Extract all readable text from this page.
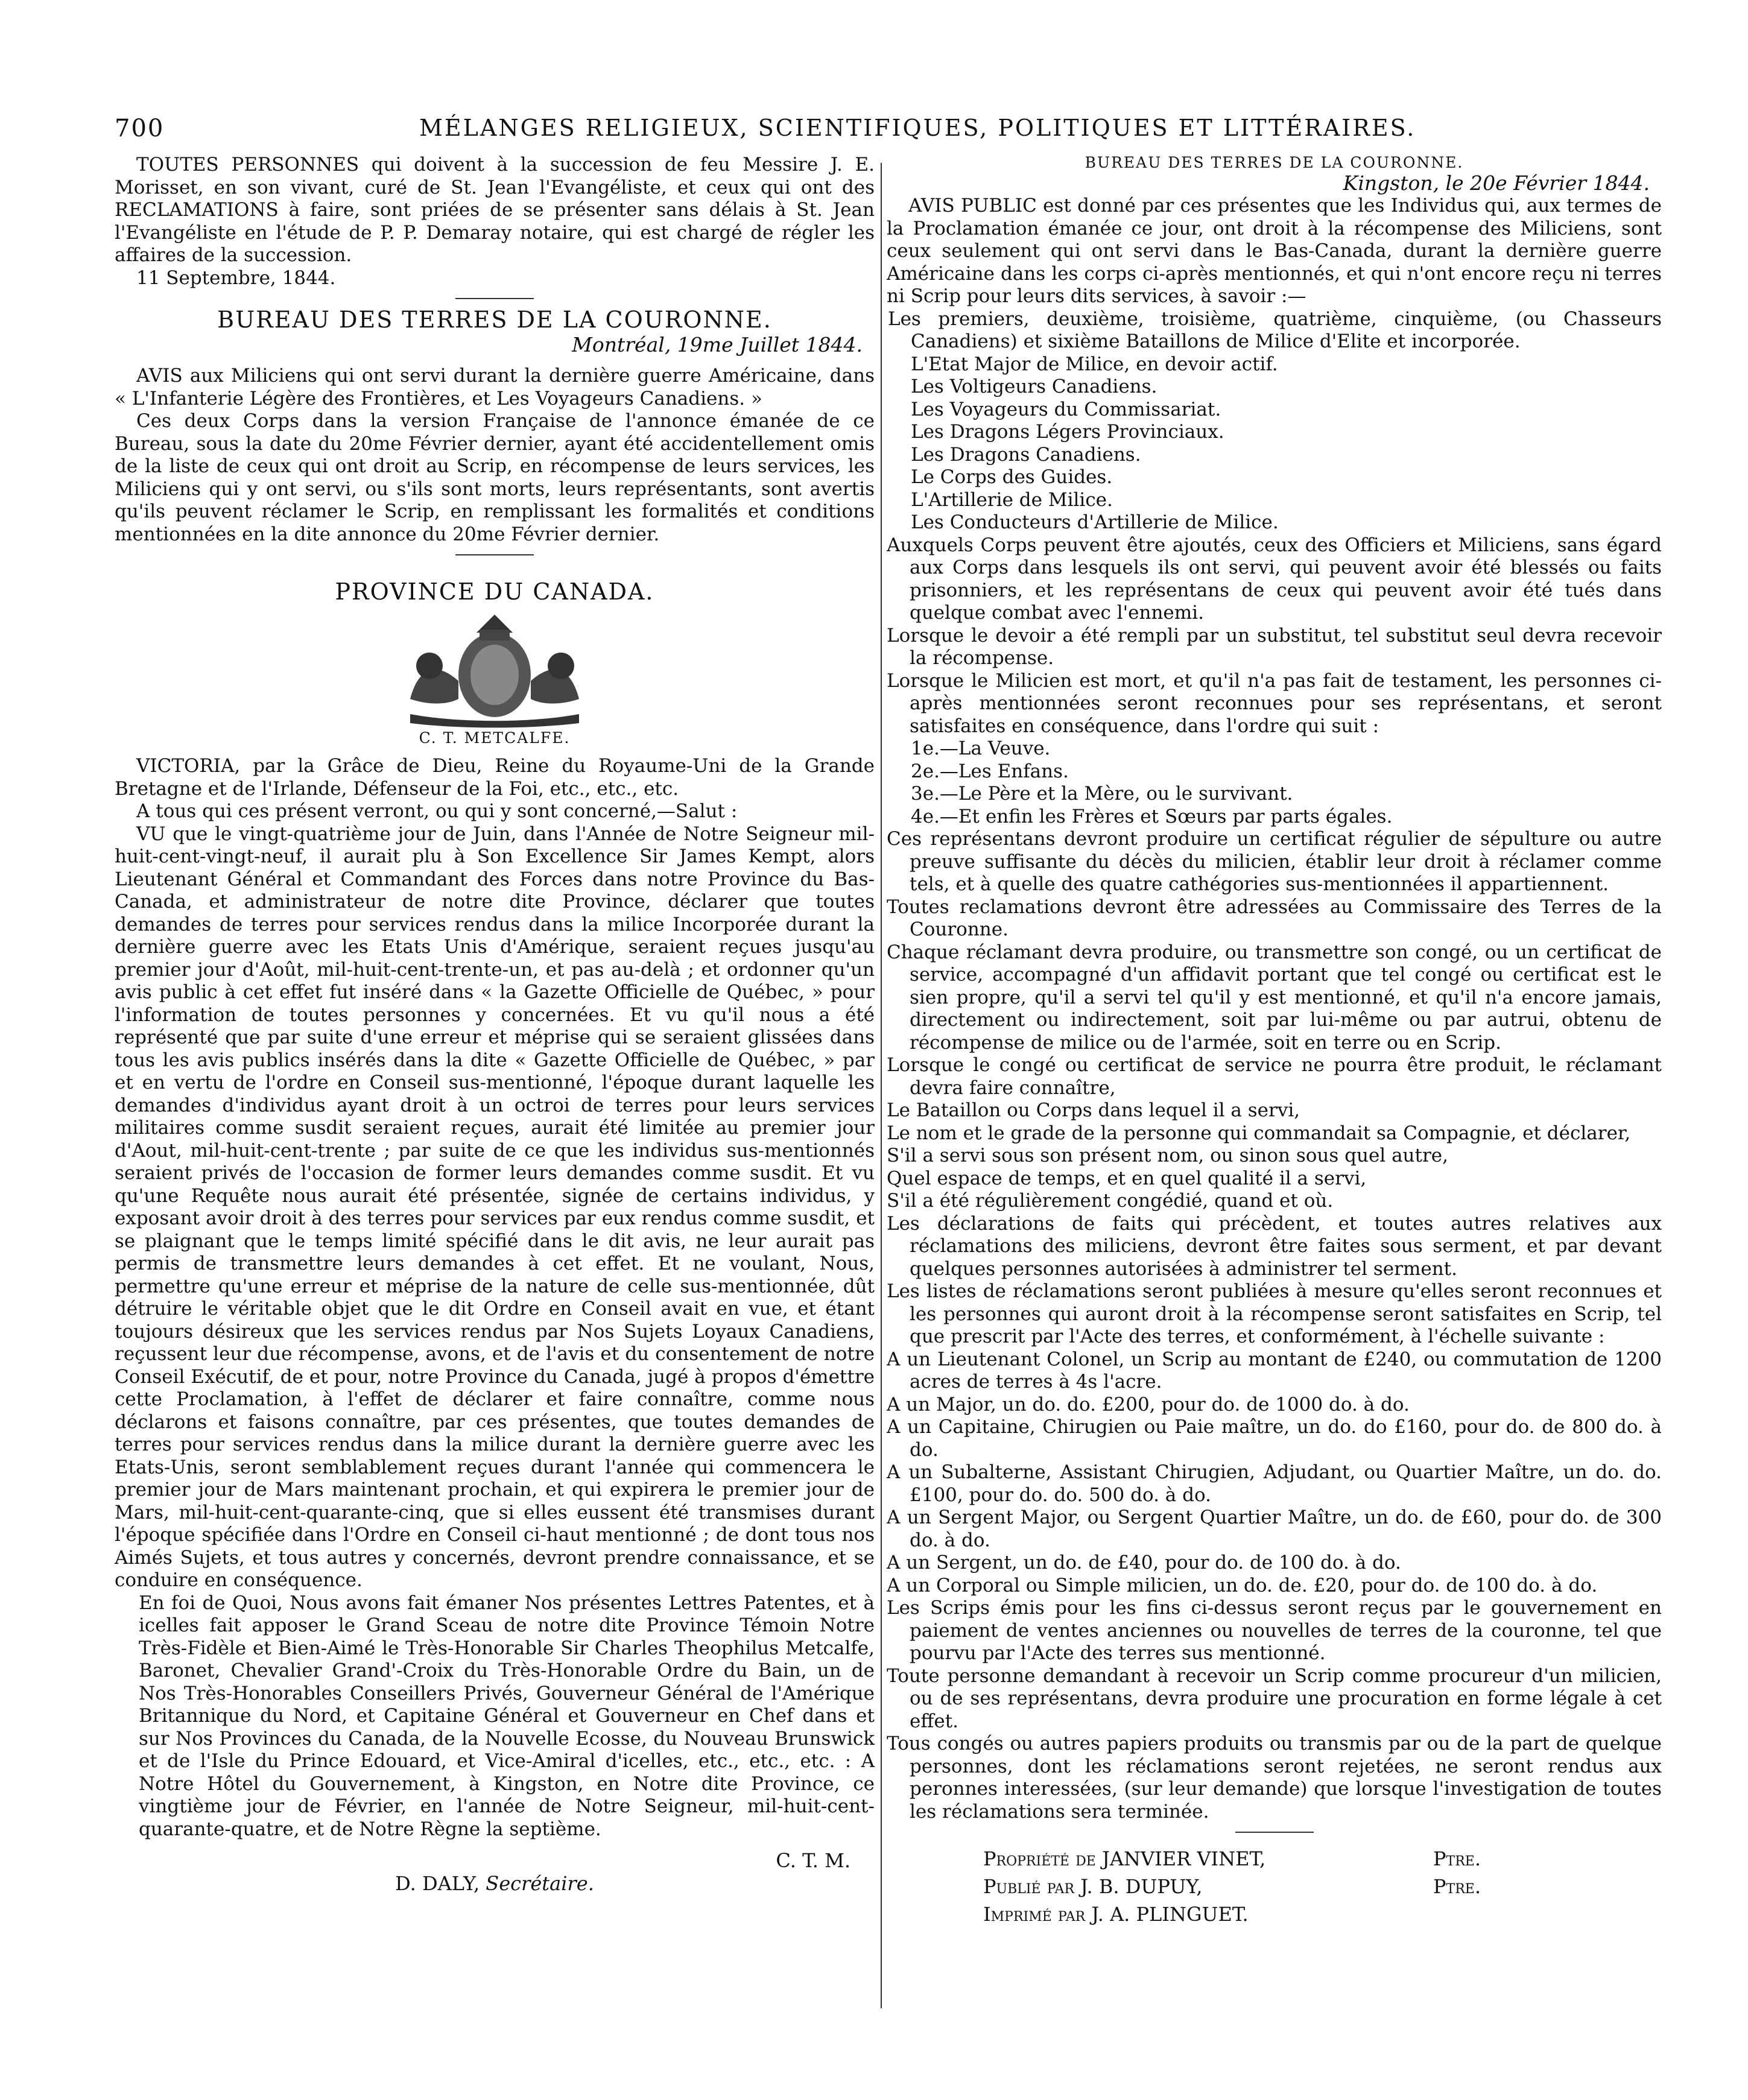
700	MÉLANGES RELIGIEUX, SCIENTIFIQUES, POLITIQUES ET LITTÉRAIRES.

TOUTES PERSONNES qui doivent à la succession de feu Messire J. E. Morisset, en son vivant, curé de St. Jean l'Evangéliste, et ceux qui ont des RECLAMATIONS à faire, sont priées de se présenter sans délais à St. Jean l'Evangéliste en l'étude de P. P. Demaray notaire, qui est chargé de régler les affaires de la succession.

11 Septembre, 1844.

BUREAU DES TERRES DE LA COURONNE.

Montréal, 19me Juillet 1844.

AVIS aux Miliciens qui ont servi durant la dernière guerre Américaine, dans « L'Infanterie Légère des Frontières, et Les Voyageurs Canadiens. »

Ces deux Corps dans la version Française de l'annonce émanée de ce Bureau, sous la date du 20me Février dernier, ayant été accidentellement omis de la liste de ceux qui ont droit au Scrip, en récompense de leurs services, les Miliciens qui y ont servi, ou s'ils sont morts, leurs représentants, sont avertis qu'ils peuvent réclamer le Scrip, en remplissant les formalités et conditions mentionnées en la dite annonce du 20me Février dernier.

PROVINCE DU CANADA.

C. T. METCALFE.

VICTORIA, par la Grâce de Dieu, Reine du Royaume-Uni de la Grande Bretagne et de l'Irlande, Défenseur de la Foi, etc., etc., etc.

A tous qui ces présent verront, ou qui y sont concerné,—Salut :

VU que le vingt-quatrième jour de Juin, dans l'Année de Notre Seigneur mil-huit-cent-vingt-neuf, il aurait plu à Son Excellence Sir James Kempt, alors Lieutenant Général et Commandant des Forces dans notre Province du Bas-Canada, et administrateur de notre dite Province, déclarer que toutes demandes de terres pour services rendus dans la milice Incorporée durant la dernière guerre avec les Etats Unis d'Amérique, seraient reçues jusqu'au premier jour d'Août, mil-huit-cent-trente-un, et pas au-delà ; et ordonner qu'un avis public à cet effet fut inséré dans « la Gazette Officielle de Québec, » pour l'information de toutes personnes y concernées. Et vu qu'il nous a été représenté que par suite d'une erreur et méprise qui se seraient glissées dans tous les avis publics insérés dans la dite « Gazette Officielle de Québec, » par et en vertu de l'ordre en Conseil sus-mentionné, l'époque durant laquelle les demandes d'individus ayant droit à un octroi de terres pour leurs services militaires comme susdit seraient reçues, aurait été limitée au premier jour d'Aout, mil-huit-cent-trente ; par suite de ce que les individus sus-mentionnés seraient privés de l'occasion de former leurs demandes comme susdit. Et vu qu'une Requête nous aurait été présentée, signée de certains individus, y exposant avoir droit à des terres pour services par eux rendus comme susdit, et se plaignant que le temps limité spécifié dans le dit avis, ne leur aurait pas permis de transmettre leurs demandes à cet effet. Et ne voulant, Nous, permettre qu'une erreur et méprise de la nature de celle sus-mentionnée, dût détruire le véritable objet que le dit Ordre en Conseil avait en vue, et étant toujours désireux que les services rendus par Nos Sujets Loyaux Canadiens, reçussent leur due récompense, avons, et de l'avis et du consentement de notre Conseil Exécutif, de et pour, notre Province du Canada, jugé à propos d'émettre cette Proclamation, à l'effet de déclarer et faire connaître, comme nous déclarons et faisons connaître, par ces présentes, que toutes demandes de terres pour services rendus dans la milice durant la dernière guerre avec les Etats-Unis, seront semblablement reçues durant l'année qui commencera le premier jour de Mars maintenant prochain, et qui expirera le premier jour de Mars, mil-huit-cent-quarante-cinq, que si elles eussent été transmises durant l'époque spécifiée dans l'Ordre en Conseil ci-haut mentionné ; de dont tous nos Aimés Sujets, et tous autres y concernés, devront prendre connaissance, et se conduire en conséquence.

En foi de Quoi, Nous avons fait émaner Nos présentes Lettres Patentes, et à icelles fait apposer le Grand Sceau de notre dite Province Témoin Notre Très-Fidèle et Bien-Aimé le Très-Honorable Sir Charles Theophilus Metcalfe, Baronet, Chevalier Grand'-Croix du Très-Honorable Ordre du Bain, un de Nos Très-Honorables Conseillers Privés, Gouverneur Général de l'Amérique Britannique du Nord, et Capitaine Général et Gouverneur en Chef dans et sur Nos Provinces du Canada, de la Nouvelle Ecosse, du Nouveau Brunswick et de l'Isle du Prince Edouard, et Vice-Amiral d'icelles, etc., etc., etc. : A Notre Hôtel du Gouvernement, à Kingston, en Notre dite Province, ce vingtième jour de Février, en l'année de Notre Seigneur, mil-huit-cent-quarante-quatre, et de Notre Règne la septième.

C. T. M.

D. DALY, Secrétaire.

BUREAU DES TERRES DE LA COURONNE.

Kingston, le 20e Février 1844.

AVIS PUBLIC est donné par ces présentes que les Individus qui, aux termes de la Proclamation émanée ce jour, ont droit à la récompense des Miliciens, sont ceux seulement qui ont servi dans le Bas-Canada, durant la dernière guerre Américaine dans les corps ci-après mentionnés, et qui n'ont encore reçu ni terres ni Scrip pour leurs dits services, à savoir :—

Les premiers, deuxième, troisième, quatrième, cinquième, (ou Chasseurs Canadiens) et sixième Bataillons de Milice d'Elite et incorporée.

L'Etat Major de Milice, en devoir actif.

Les Voltigeurs Canadiens.

Les Voyageurs du Commissariat.

Les Dragons Légers Provinciaux.

Les Dragons Canadiens.

Le Corps des Guides.

L'Artillerie de Milice.

Les Conducteurs d'Artillerie de Milice.

Auxquels Corps peuvent être ajoutés, ceux des Officiers et Miliciens, sans égard aux Corps dans lesquels ils ont servi, qui peuvent avoir été blessés ou faits prisonniers, et les représentans de ceux qui peuvent avoir été tués dans quelque combat avec l'ennemi.

Lorsque le devoir a été rempli par un substitut, tel substitut seul devra recevoir la récompense.

Lorsque le Milicien est mort, et qu'il n'a pas fait de testament, les personnes ci-après mentionnées seront reconnues pour ses représentans, et seront satisfaites en conséquence, dans l'ordre qui suit :

1e.—La Veuve.

2e.—Les Enfans.

3e.—Le Père et la Mère, ou le survivant.

4e.—Et enfin les Frères et Sœurs par parts égales.

Ces représentans devront produire un certificat régulier de sépulture ou autre preuve suffisante du décès du milicien, établir leur droit à réclamer comme tels, et à quelle des quatre cathégories sus-mentionnées il appartiennent.

Toutes reclamations devront être adressées au Commissaire des Terres de la Couronne.

Chaque réclamant devra produire, ou transmettre son congé, ou un certificat de service, accompagné d'un affidavit portant que tel congé ou certificat est le sien propre, qu'il a servi tel qu'il y est mentionné, et qu'il n'a encore jamais, directement ou indirectement, soit par lui-même ou par autrui, obtenu de récompense de milice ou de l'armée, soit en terre ou en Scrip.

Lorsque le congé ou certificat de service ne pourra être produit, le réclamant devra faire connaître,

Le Bataillon ou Corps dans lequel il a servi,

Le nom et le grade de la personne qui commandait sa Compagnie, et déclarer,

S'il a servi sous son présent nom, ou sinon sous quel autre,

Quel espace de temps, et en quel qualité il a servi,

S'il a été régulièrement congédié, quand et où.

Les déclarations de faits qui précèdent, et toutes autres relatives aux réclamations des miliciens, devront être faites sous serment, et par devant quelques personnes autorisées à administrer tel serment.

Les listes de réclamations seront publiées à mesure qu'elles seront reconnues et les personnes qui auront droit à la récompense seront satisfaites en Scrip, tel que prescrit par l'Acte des terres, et conformément, à l'échelle suivante :

A un Lieutenant Colonel, un Scrip au montant de £240, ou commutation de 1200 acres de terres à 4s l'acre.

A un Major, un do. do. £200, pour do. de 1000 do. à do.

A un Capitaine, Chirugien ou Paie maître, un do. do £160, pour do. de 800 do. à do.

A un Subalterne, Assistant Chirugien, Adjudant, ou Quartier Maître, un do. do. £100, pour do. do. 500 do. à do.

A un Sergent Major, ou Sergent Quartier Maître, un do. de £60, pour do. de 300 do. à do.

A un Sergent, un do. de £40, pour do. de 100 do. à do.

A un Corporal ou Simple milicien, un do. de. £20, pour do. de 100 do. à do.

Les Scrips émis pour les fins ci-dessus seront reçus par le gouvernement en paiement de ventes anciennes ou nouvelles de terres de la couronne, tel que pourvu par l'Acte des terres sus mentionné.

Toute personne demandant à recevoir un Scrip comme procureur d'un milicien, ou de ses représentans, devra produire une procuration en forme légale à cet effet.

Tous congés ou autres papiers produits ou transmis par ou de la part de quelque personnes, dont les réclamations seront rejetées, ne seront rendus aux peronnes interessées, (sur leur demande) que lorsque l'investigation de toutes les réclamations sera terminée.

Propriété de JANVIER VINET,	Ptre.
Publié par J. B. DUPUY,	Ptre.
Imprimé par J. A. PLINGUET.
